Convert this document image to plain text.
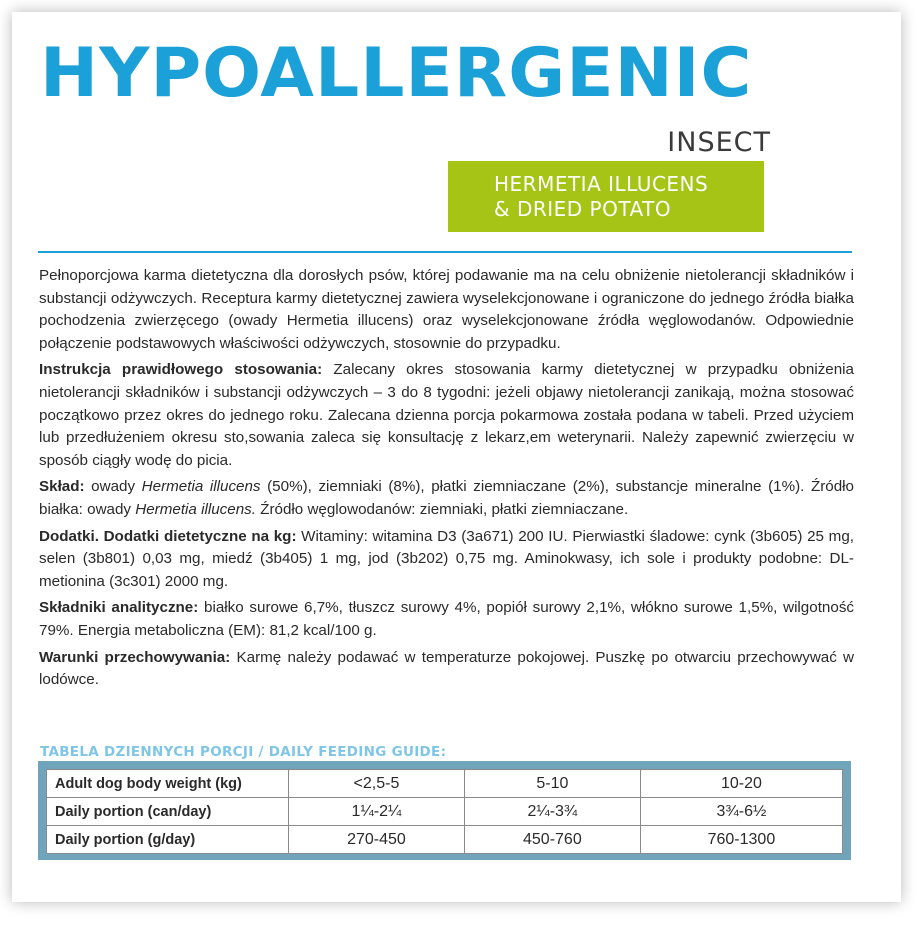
HYPOALLERGENIC
INSECT
HERMETIA ILLUCENS
& DRIED POTATO

Pełnoporcjowa karma dietetyczna dla dorosłych psów, której podawanie ma na celu obniżenie nietolerancji składników i substancji odżywczych. Receptura karmy dietetycznej zawiera wyselekcjonowane i ograniczone do jednego źródła białka pochodzenia zwierzęcego (owady Hermetia illucens) oraz wyselekcjonowane źródła węglowodanów. Odpowiednie połączenie podstawowych właściwości odżywczych, stosownie do przypadku.

Instrukcja prawidłowego stosowania: Zalecany okres stosowania karmy dietetycznej w przypadku obniżenia nietolerancji składników i substancji odżywczych – 3 do 8 tygodni: jeżeli objawy nietolerancji zanikają, można stosować początkowo przez okres do jednego roku. Zalecana dzienna porcja pokarmowa została podana w tabeli. Przed użyciem lub przedłużeniem okresu sto,sowania zaleca się konsultację z lekarz,em weterynarii. Należy zapewnić zwierzęciu w sposób ciągły wodę do picia.

Skład: owady Hermetia illucens (50%), ziemniaki (8%), płatki ziemniaczane (2%), substancje mineralne (1%). Źródło białka: owady Hermetia illucens. Źródło węglowodanów: ziemniaki, płatki ziemniaczane.

Dodatki. Dodatki dietetyczne na kg: Witaminy: witamina D3 (3a671) 200 IU. Pierwiastki śladowe: cynk (3b605) 25 mg, selen (3b801) 0,03 mg, miedź (3b405) 1 mg, jod (3b202) 0,75 mg. Aminokwasy, ich sole i produkty podobne: DL-metionina (3c301) 2000 mg.

Składniki analityczne: białko surowe 6,7%, tłuszcz surowy 4%, popiół surowy 2,1%, włókno surowe 1,5%, wilgotność 79%. Energia metaboliczna (EM): 81,2 kcal/100 g.

Warunki przechowywania: Karmę należy podawać w temperaturze pokojowej. Puszkę po otwarciu przechowywać w lodówce.

TABELA DZIENNYCH PORCJI / DAILY FEEDING GUIDE:
Adult dog body weight (kg)	<2,5-5	5-10	10-20
Daily portion (can/day)	1¼-2¼	2¼-3¾	3¾-6½
Daily portion (g/day)	270-450	450-760	760-1300
